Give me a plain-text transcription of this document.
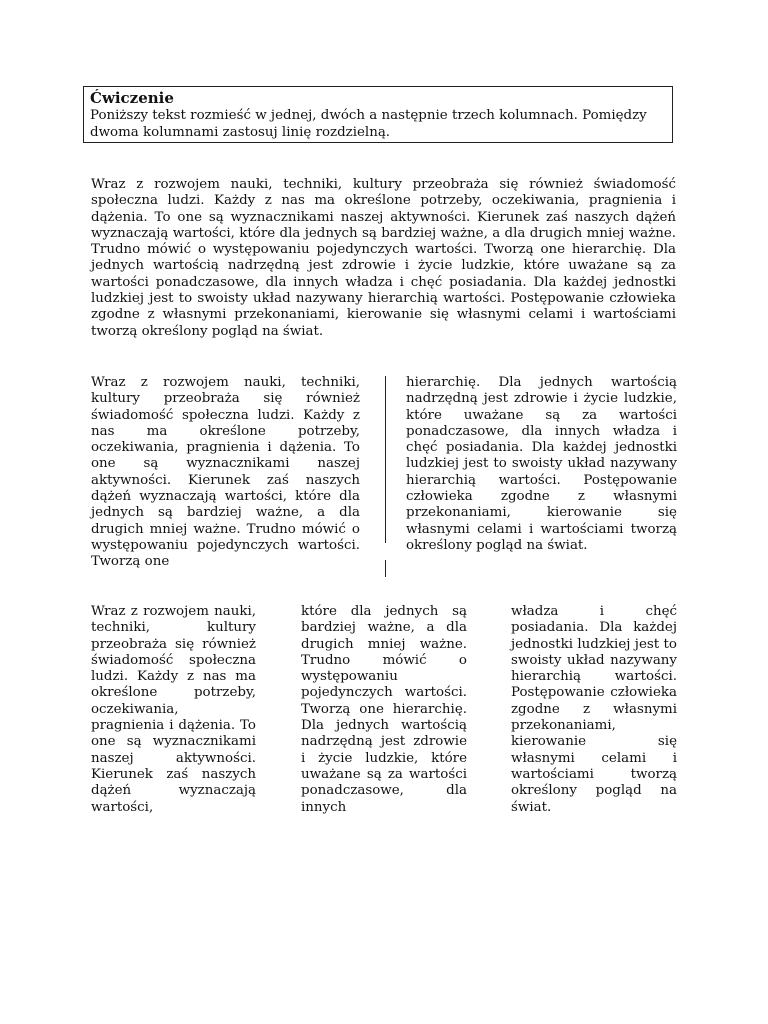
Ćwiczenie
Poniższy tekst rozmieść w jednej, dwóch a następnie trzech kolumnach. Pomiędzy dwoma kolumnami zastosuj linię rozdzielną.
Wraz z rozwojem nauki, techniki, kultury przeobraża się również świadomość społeczna ludzi. Każdy z nas ma określone potrzeby, oczekiwania, pragnienia i dążenia. To one są wyznacznikami naszej aktywności. Kierunek zaś naszych dążeń wyznaczają wartości, które dla jednych są bardziej ważne, a dla drugich mniej ważne. Trudno mówić o występowaniu pojedynczych wartości. Tworzą one hierarchię. Dla jednych wartością nadrzędną jest zdrowie i życie ludzkie, które uważane są za wartości ponadczasowe, dla innych władza i chęć posiadania. Dla każdej jednostki ludzkiej jest to swoisty układ nazywany hierarchią wartości. Postępowanie człowieka zgodne z własnymi przekonaniami, kierowanie się własnymi celami i wartościami tworzą określony pogląd na świat.
Wraz z rozwojem nauki, techniki, kultury przeobraża się również świadomość społeczna ludzi. Każdy z nas ma określone potrzeby, oczekiwania, pragnienia i dążenia. To one są wyznacznikami naszej aktywności. Kierunek zaś naszych dążeń wyznaczają wartości, które dla jednych są bardziej ważne, a dla drugich mniej ważne. Trudno mówić o występowaniu pojedynczych wartości. Tworzą one
hierarchię. Dla jednych wartością nadrzędną jest zdrowie i życie ludzkie, które uważane są za wartości ponadczasowe, dla innych władza i chęć posiadania. Dla każdej jednostki ludzkiej jest to swoisty układ nazywany hierarchią wartości. Postępowanie człowieka zgodne z własnymi przekonaniami, kierowanie się własnymi celami i wartościami tworzą określony pogląd na świat.
Wraz z rozwojem nauki, techniki, kultury przeobraża się również świadomość społeczna ludzi. Każdy z nas ma określone potrzeby, oczekiwania, pragnienia i dążenia. To one są wyznacznikami naszej aktywności. Kierunek zaś naszych dążeń wyznaczają wartości,
które dla jednych są bardziej ważne, a dla drugich mniej ważne. Trudno mówić o występowaniu pojedynczych wartości. Tworzą one hierarchię. Dla jednych wartością nadrzędną jest zdrowie i życie ludzkie, które uważane są za wartości ponadczasowe, dla innych
władza i chęć posiadania. Dla każdej jednostki ludzkiej jest to swoisty układ nazywany hierarchią wartości. Postępowanie człowieka zgodne z własnymi przekonaniami, kierowanie się własnymi celami i wartościami tworzą określony pogląd na świat.
